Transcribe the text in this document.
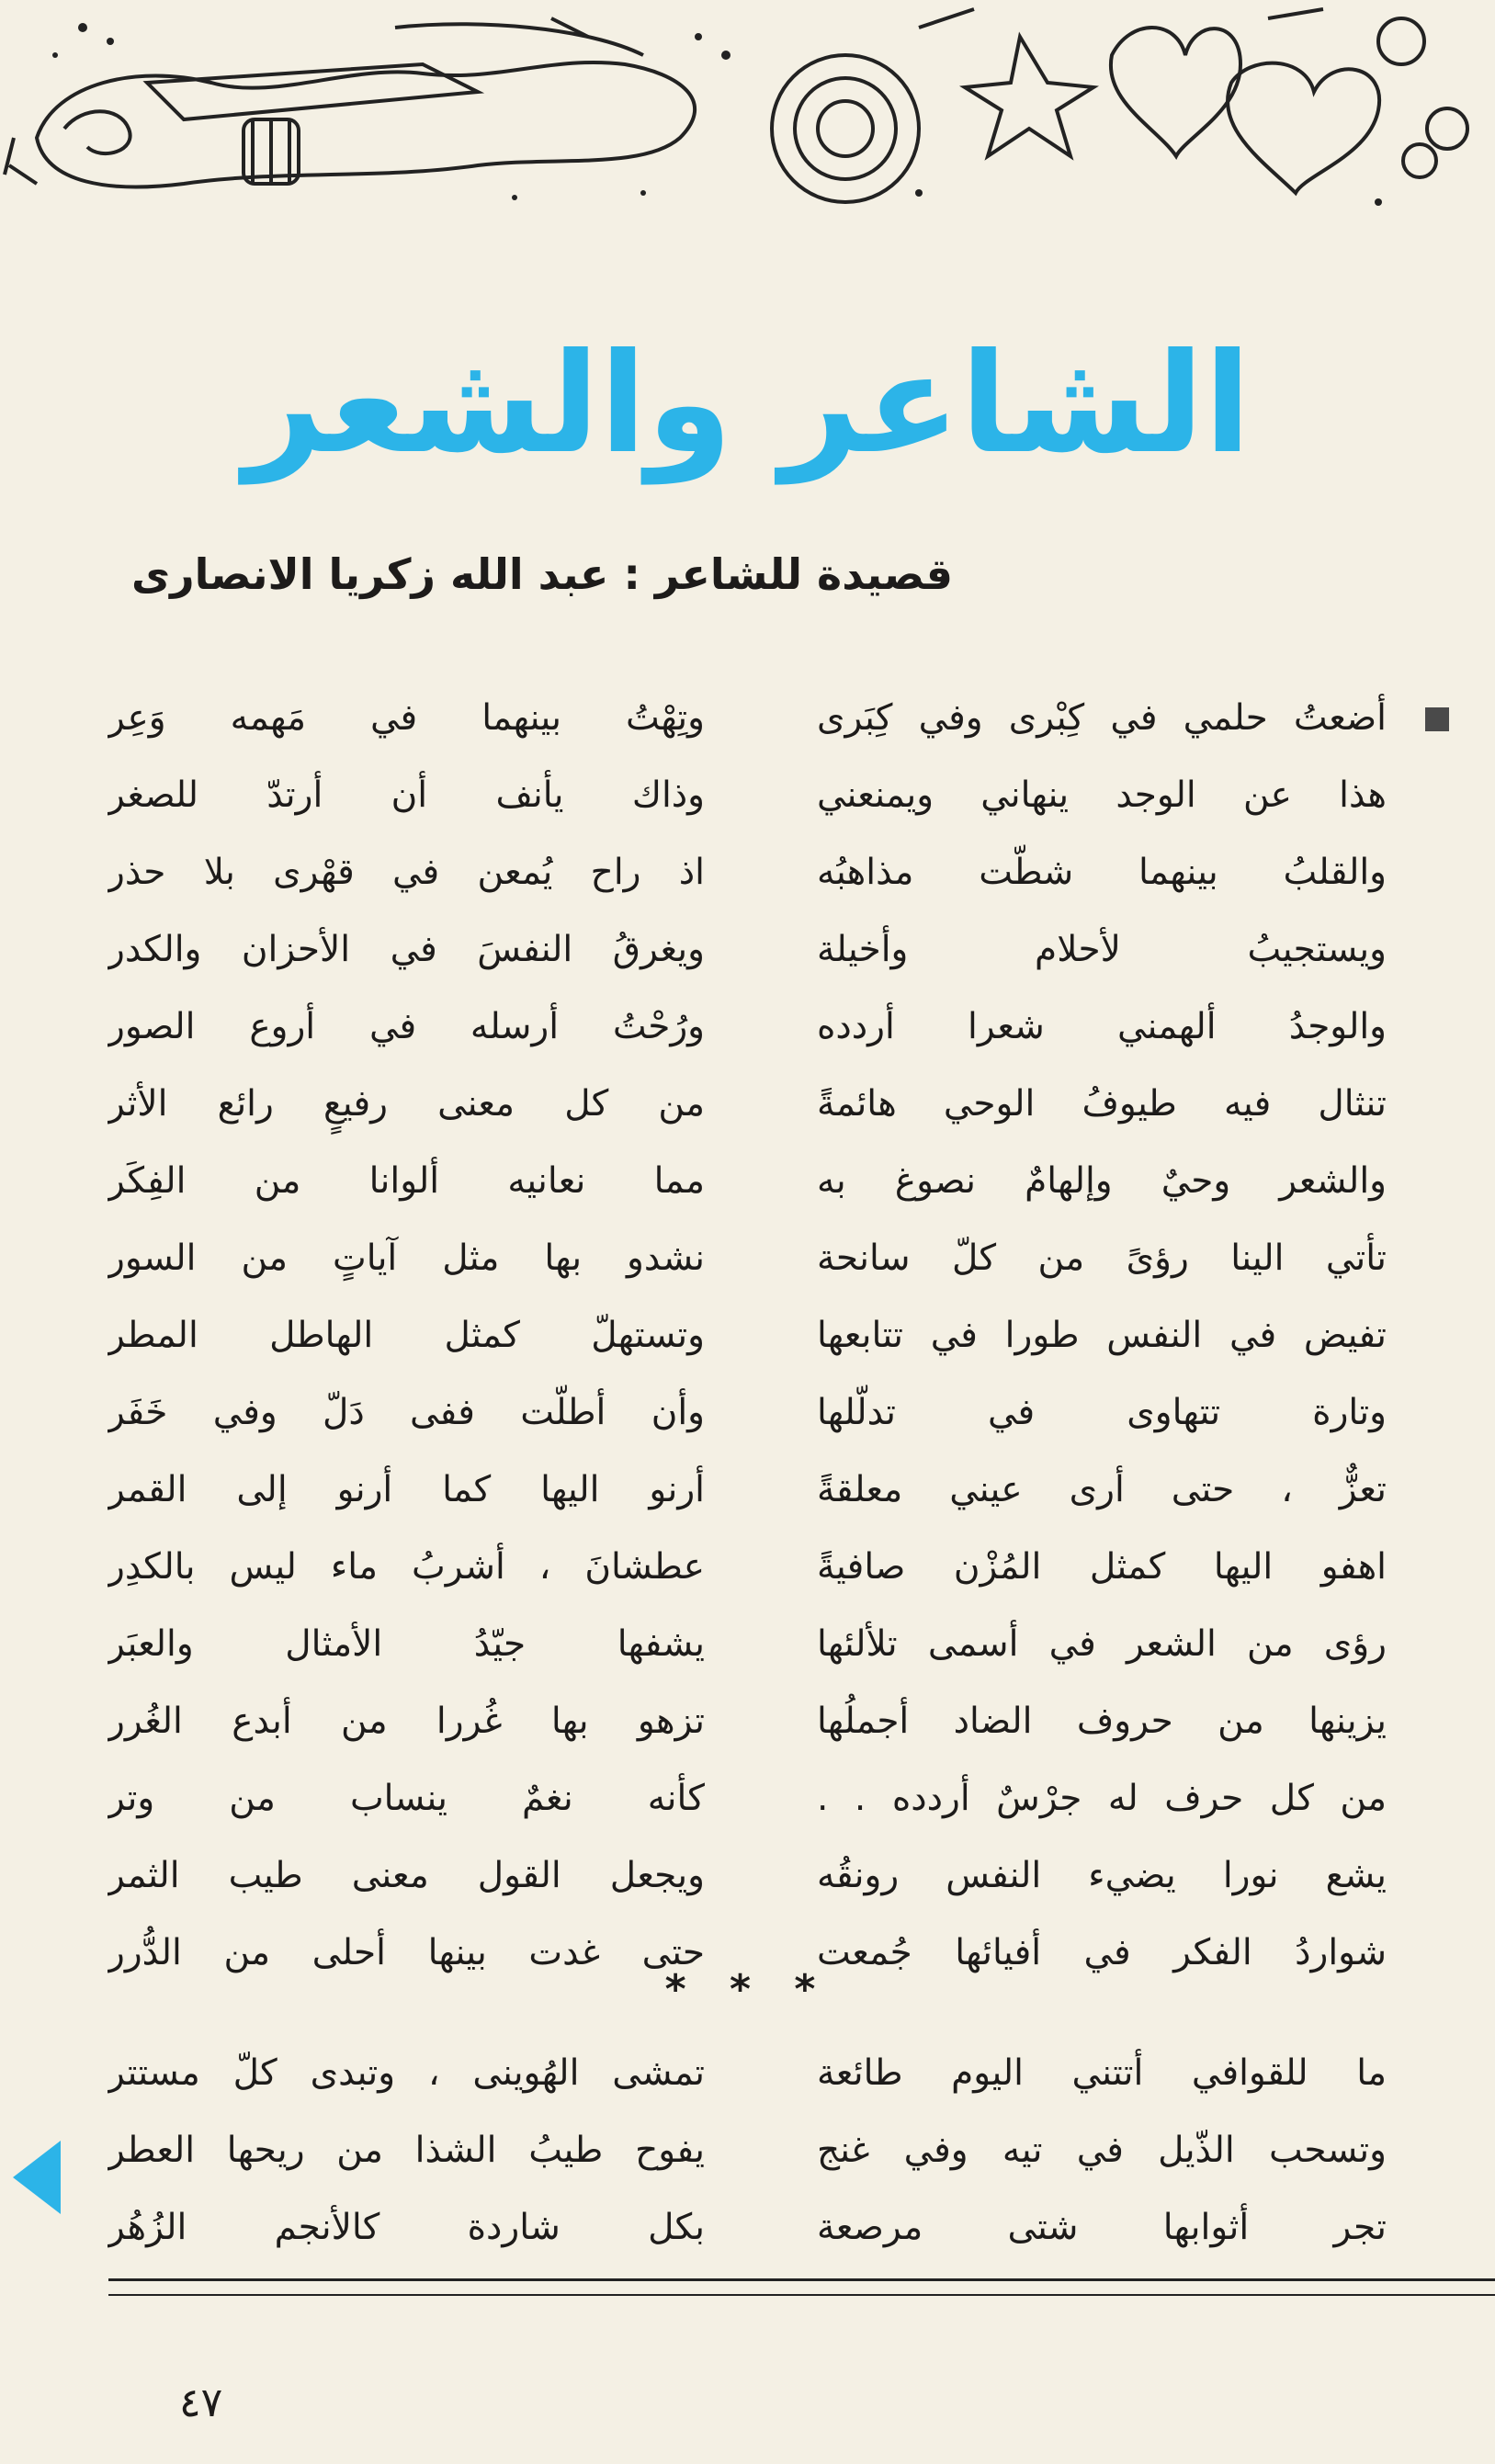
الشاعر والشعر
قصيدة للشاعر : عبد الله زكريا الانصارى
أضعتُ حلمي في كِبْرى وفي كِبَرى
هذا عن الوجد ينهاني ويمنعني
والقلبُ بينهما شطّت مذاهبُه
ويستجيبُ لأحلام وأخيلة
والوجدُ ألهمني شعرا أردده
تنثال فيه طيوفُ الوحي هائمةً
والشعر وحيٌ وإلهامٌ نصوغ به
تأتي الينا رؤىً من كلّ سانحة
تفيض في النفس طورا في تتابعها
وتارة تتهاوى في تدلّلها
تعزٌّ ، حتى أرى عيني معلقةً
اهفو اليها كمثل المُزْن صافيةً
رؤى من الشعر في أسمى تلألئها
يزينها من حروف الضاد أجملُها
من كل حرف له جرْسٌ أردده . .
يشع نورا يضيء النفس رونقُه
شواردُ الفكر في أفيائها جُمعت
وتِهْتُ بينهما في مَهمه وَعِر
وذاك يأنف أن أرتدّ للصغر
اذ راح يُمعن في قهْرى بلا حذر
ويغرقُ النفسَ في الأحزان والكدر
ورُحْتُ أرسله في أروع الصور
من كل معنى رفيعٍ رائع الأثر
مما نعانيه ألوانا من الفِكَر
نشدو بها مثل آياتٍ من السور
وتستهلّ كمثل الهاطل المطر
وأن أطلّت ففى دَلّ وفي خَفَر
أرنو اليها كما أرنو إلى القمر
عطشانَ ، أشربُ ماء ليس بالكدِر
يشفها جيّدُ الأمثال والعبَر
تزهو بها غُررا من أبدع الغُرر
كأنه نغمٌ ينساب من وتر
ويجعل القول معنى طيب الثمر
حتى غدت بينها أحلى من الدُّرر
* * *
ما للقوافي أتتني اليوم طائعة
وتسحب الذّيل في تيه وفي غنج
تجر أثوابها شتى مرصعة
تمشى الهُوينى ، وتبدى كلّ مستتر
يفوح طيبُ الشذا من ريحها العطر
بكل شاردة كالأنجم الزُهُر
٤٧
